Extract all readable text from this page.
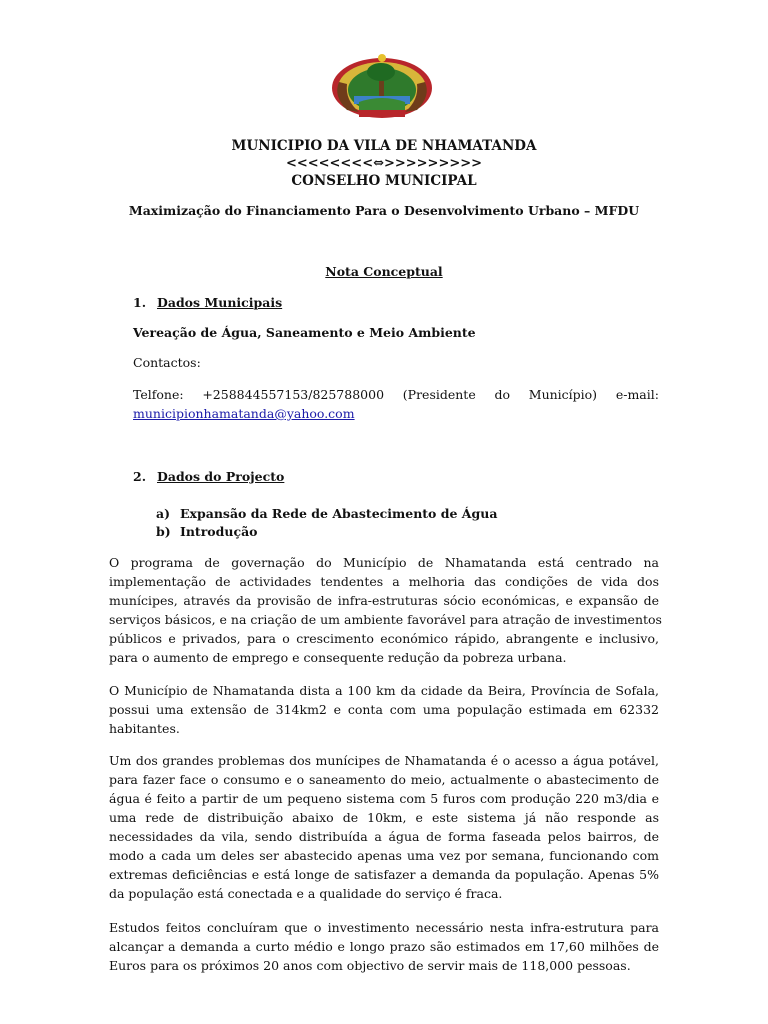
MUNICIPIO DA VILA DE NHAMATANDA
<<<<<<<<⇔>>>>>>>>>
CONSELHO MUNICIPAL
Maximização do Financiamento Para o Desenvolvimento Urbano – MFDU
Nota Conceptual
1. Dados Municipais
Vereação de Água, Saneamento e Meio Ambiente
Contactos:
Telfone: +258844557153/825788000 (Presidente do Município) e-mail:
municipionhamatanda@yahoo.com
2. Dados do Projecto
a) Expansão da Rede de Abastecimento de Água
b) Introdução
O programa de governação do Município de Nhamatanda está centrado na
implementação de actividades tendentes a melhoria das condições de vida dos
munícipes, através da provisão de infra-estruturas sócio económicas, e expansão de
serviços básicos, e na criação de um ambiente favorável para atração de investimentos
públicos e privados, para o crescimento económico rápido, abrangente e inclusivo,
para o aumento de emprego e consequente redução da pobreza urbana.
O Município de Nhamatanda dista a 100 km da cidade da Beira, Província de Sofala,
possui uma extensão de 314km2 e conta com uma população estimada em 62332
habitantes.
Um dos grandes problemas dos munícipes de Nhamatanda é o acesso a água potável,
para fazer face o consumo e o saneamento do meio, actualmente o abastecimento de
água é feito a partir de um pequeno sistema com 5 furos com produção 220 m3/dia e
uma rede de distribuição abaixo de 10km, e este sistema já não responde as
necessidades da vila, sendo distribuída a água de forma faseada pelos bairros, de
modo a cada um deles ser abastecido apenas uma vez por semana, funcionando com
extremas deficiências e está longe de satisfazer a demanda da população. Apenas 5%
da população está conectada e a qualidade do serviço é fraca.
Estudos feitos concluíram que o investimento necessário nesta infra-estrutura para
alcançar a demanda a curto médio e longo prazo são estimados em 17,60 milhões de
Euros para os próximos 20 anos com objectivo de servir mais de 118,000 pessoas.
